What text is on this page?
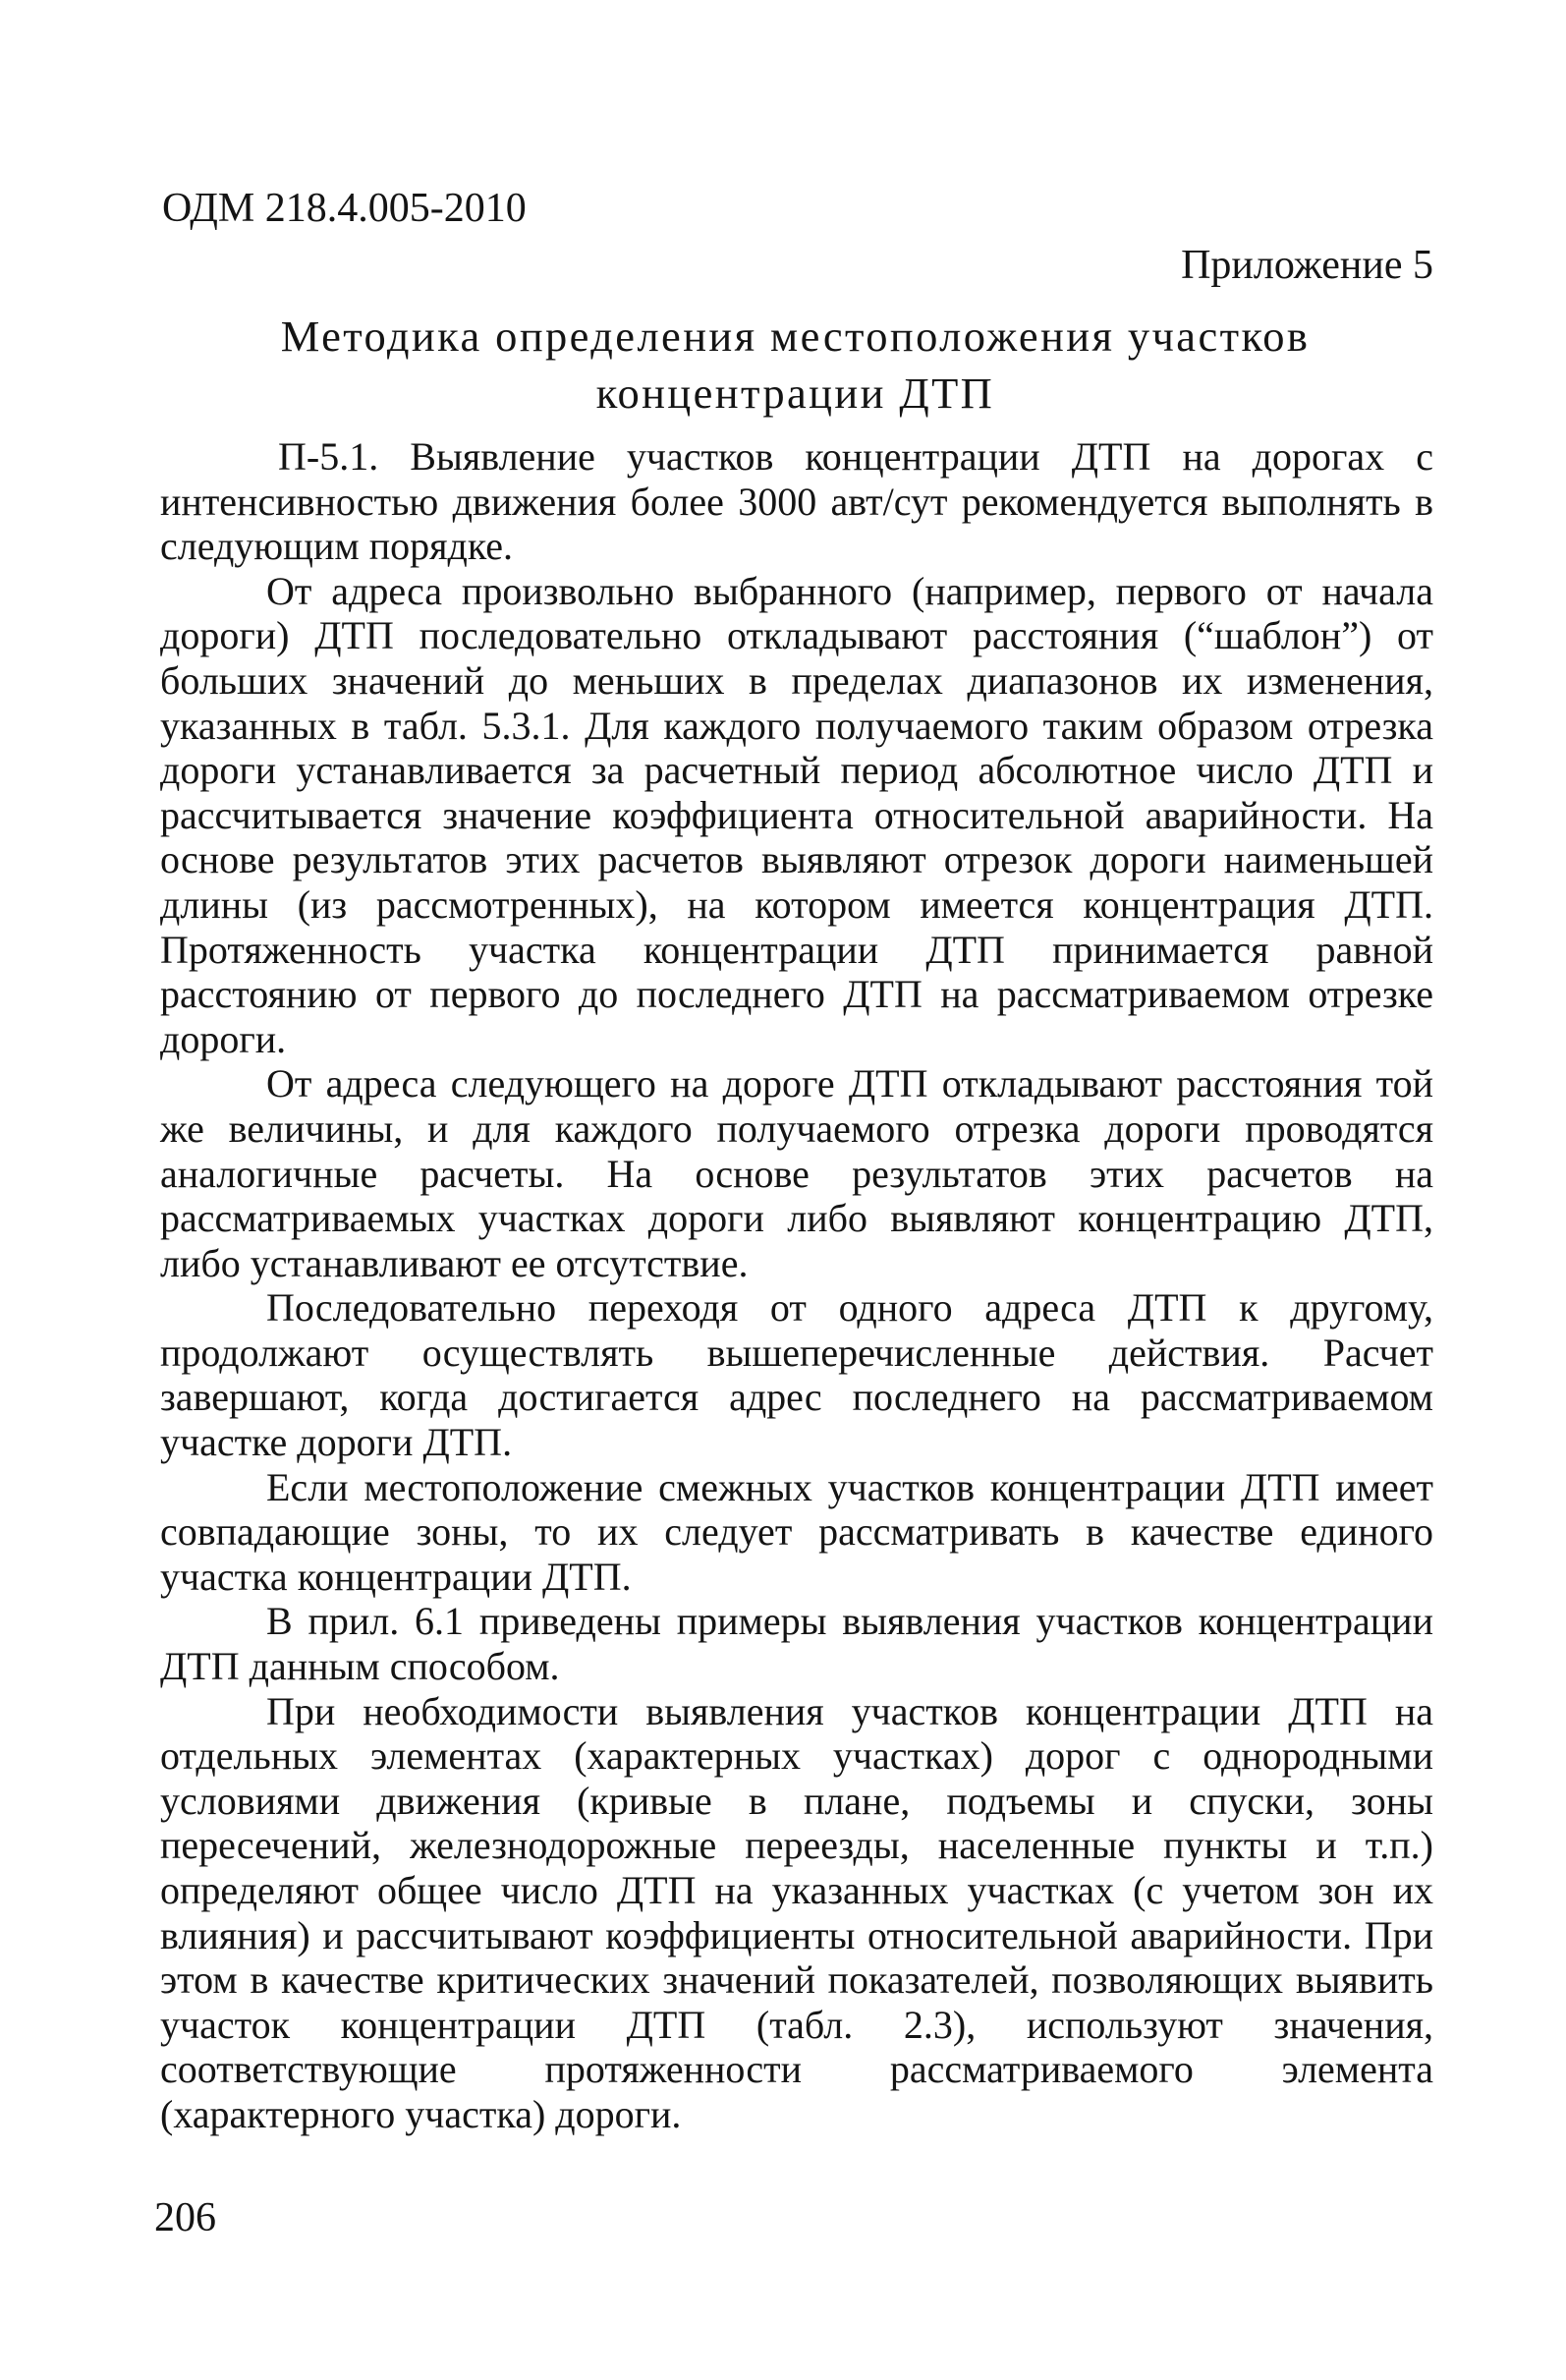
ОДМ 218.4.005-2010
Приложение 5
Методика определения местоположения участков
концентрации ДТП

П-5.1. Выявление участков концентрации ДТП на дорогах с интенсивностью движения более 3000 авт/сут рекомендуется выполнять в следующим порядке.

От адреса произвольно выбранного (например, первого от начала дороги) ДТП последовательно откладывают расстояния (“шаблон”) от больших значений до меньших в пределах диапазонов их изменения, указанных в табл. 5.3.1. Для каждого получаемого таким образом отрезка дороги устанавливается за расчетный период абсолютное число ДТП и рассчитывается значение коэффициента относительной аварийности. На основе результатов этих расчетов выявляют отрезок дороги наименьшей длины (из рассмотренных), на котором имеется концентрация ДТП. Протяженность участка концентрации ДТП принимается равной расстоянию от первого до последнего ДТП на рассматриваемом отрезке дороги.

От адреса следующего на дороге ДТП откладывают расстояния той же величины, и для каждого получаемого отрезка дороги проводятся аналогичные расчеты. На основе результатов этих расчетов на рассматриваемых участках дороги либо выявляют концентрацию ДТП, либо устанавливают ее отсутствие.

Последовательно переходя от одного адреса ДТП к другому, продолжают осуществлять вышеперечисленные действия. Расчет завершают, когда достигается адрес последнего на рассматриваемом участке дороги ДТП.

Если местоположение смежных участков концентрации ДТП имеет совпадающие зоны, то их следует рассматривать в качестве единого участка концентрации ДТП.

В прил. 6.1 приведены примеры выявления участков концентрации ДТП данным способом.

При необходимости выявления участков концентрации ДТП на отдельных элементах (характерных участках) дорог с однородными условиями движения (кривые в плане, подъемы и спуски, зоны пересечений, железнодорожные переезды, населенные пункты и т.п.) определяют общее число ДТП на указанных участках (с учетом зон их влияния) и рассчитывают коэффициенты относительной аварийности. При этом в качестве критических значений показателей, позволяющих выявить участок концентрации ДТП (табл. 2.3), используют значения, соответствующие протяженности рассматриваемого элемента (характерного участка) дороги.

206
